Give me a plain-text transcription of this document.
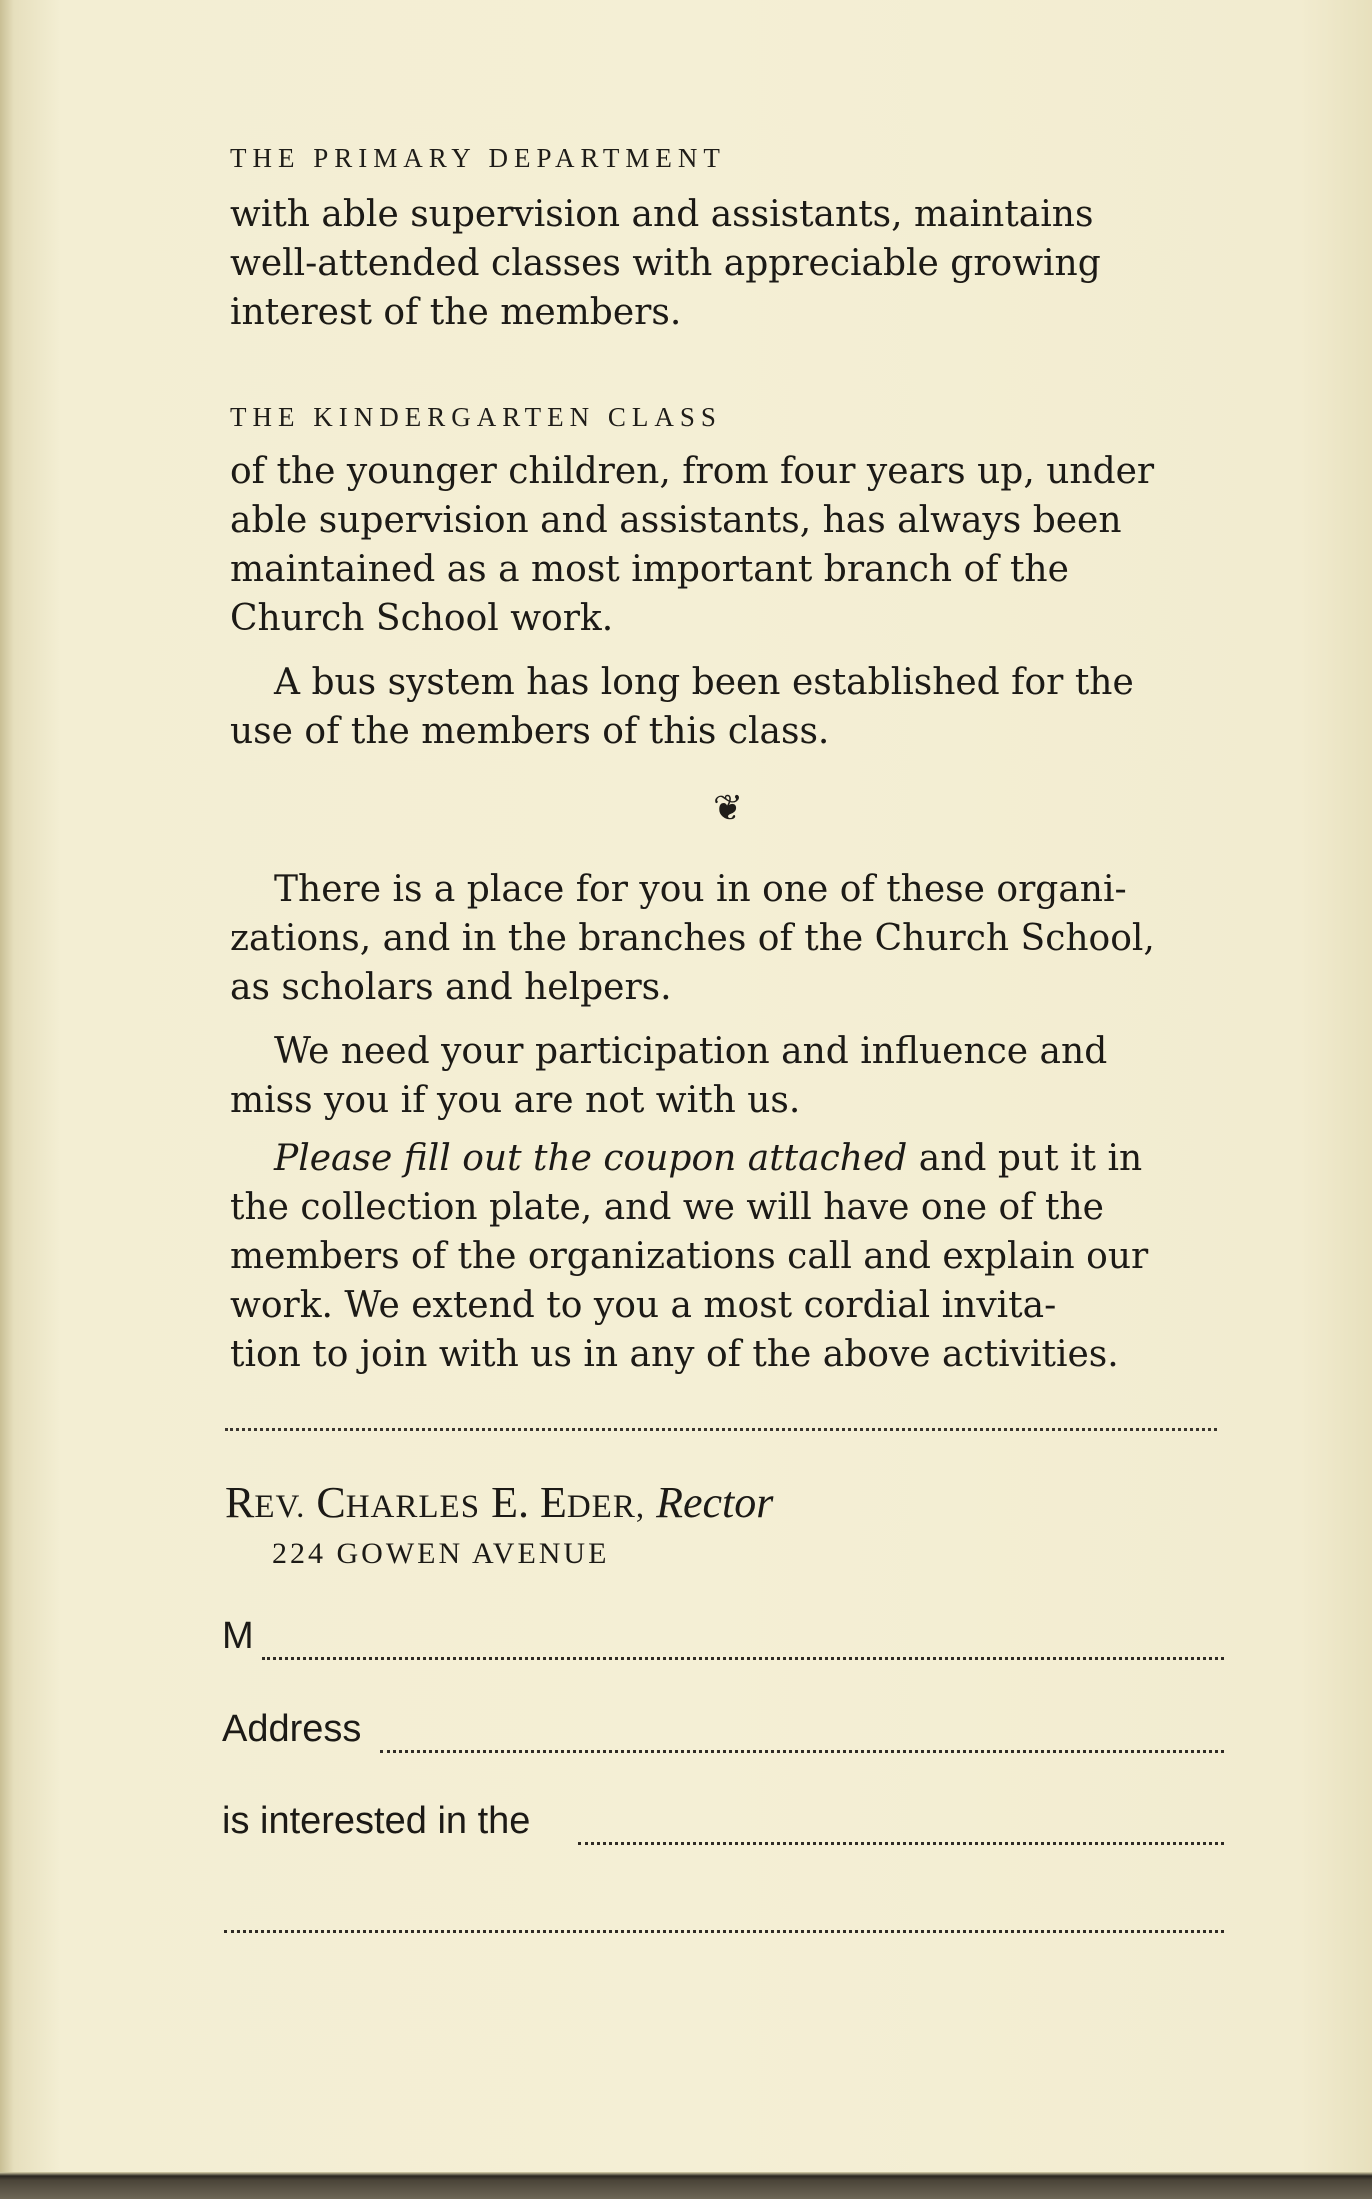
THE PRIMARY DEPARTMENT
with able supervision and assistants, maintains
well-attended classes with appreciable growing
interest of the members.
THE KINDERGARTEN CLASS
of the younger children, from four years up, under
able supervision and assistants, has always been
maintained as a most important branch of the
Church School work.
A bus system has long been established for the
use of the members of this class.
❦
There is a place for you in one of these organi-
zations, and in the branches of the Church School,
as scholars and helpers.
We need your participation and influence and
miss you if you are not with us.
Please fill out the coupon attached and put it in
the collection plate, and we will have one of the
members of the organizations call and explain our
work. We extend to you a most cordial invita-
tion to join with us in any of the above activities.
REV. CHARLES E. EDER, Rector
224 GOWEN AVENUE
M
Address
is interested in the
